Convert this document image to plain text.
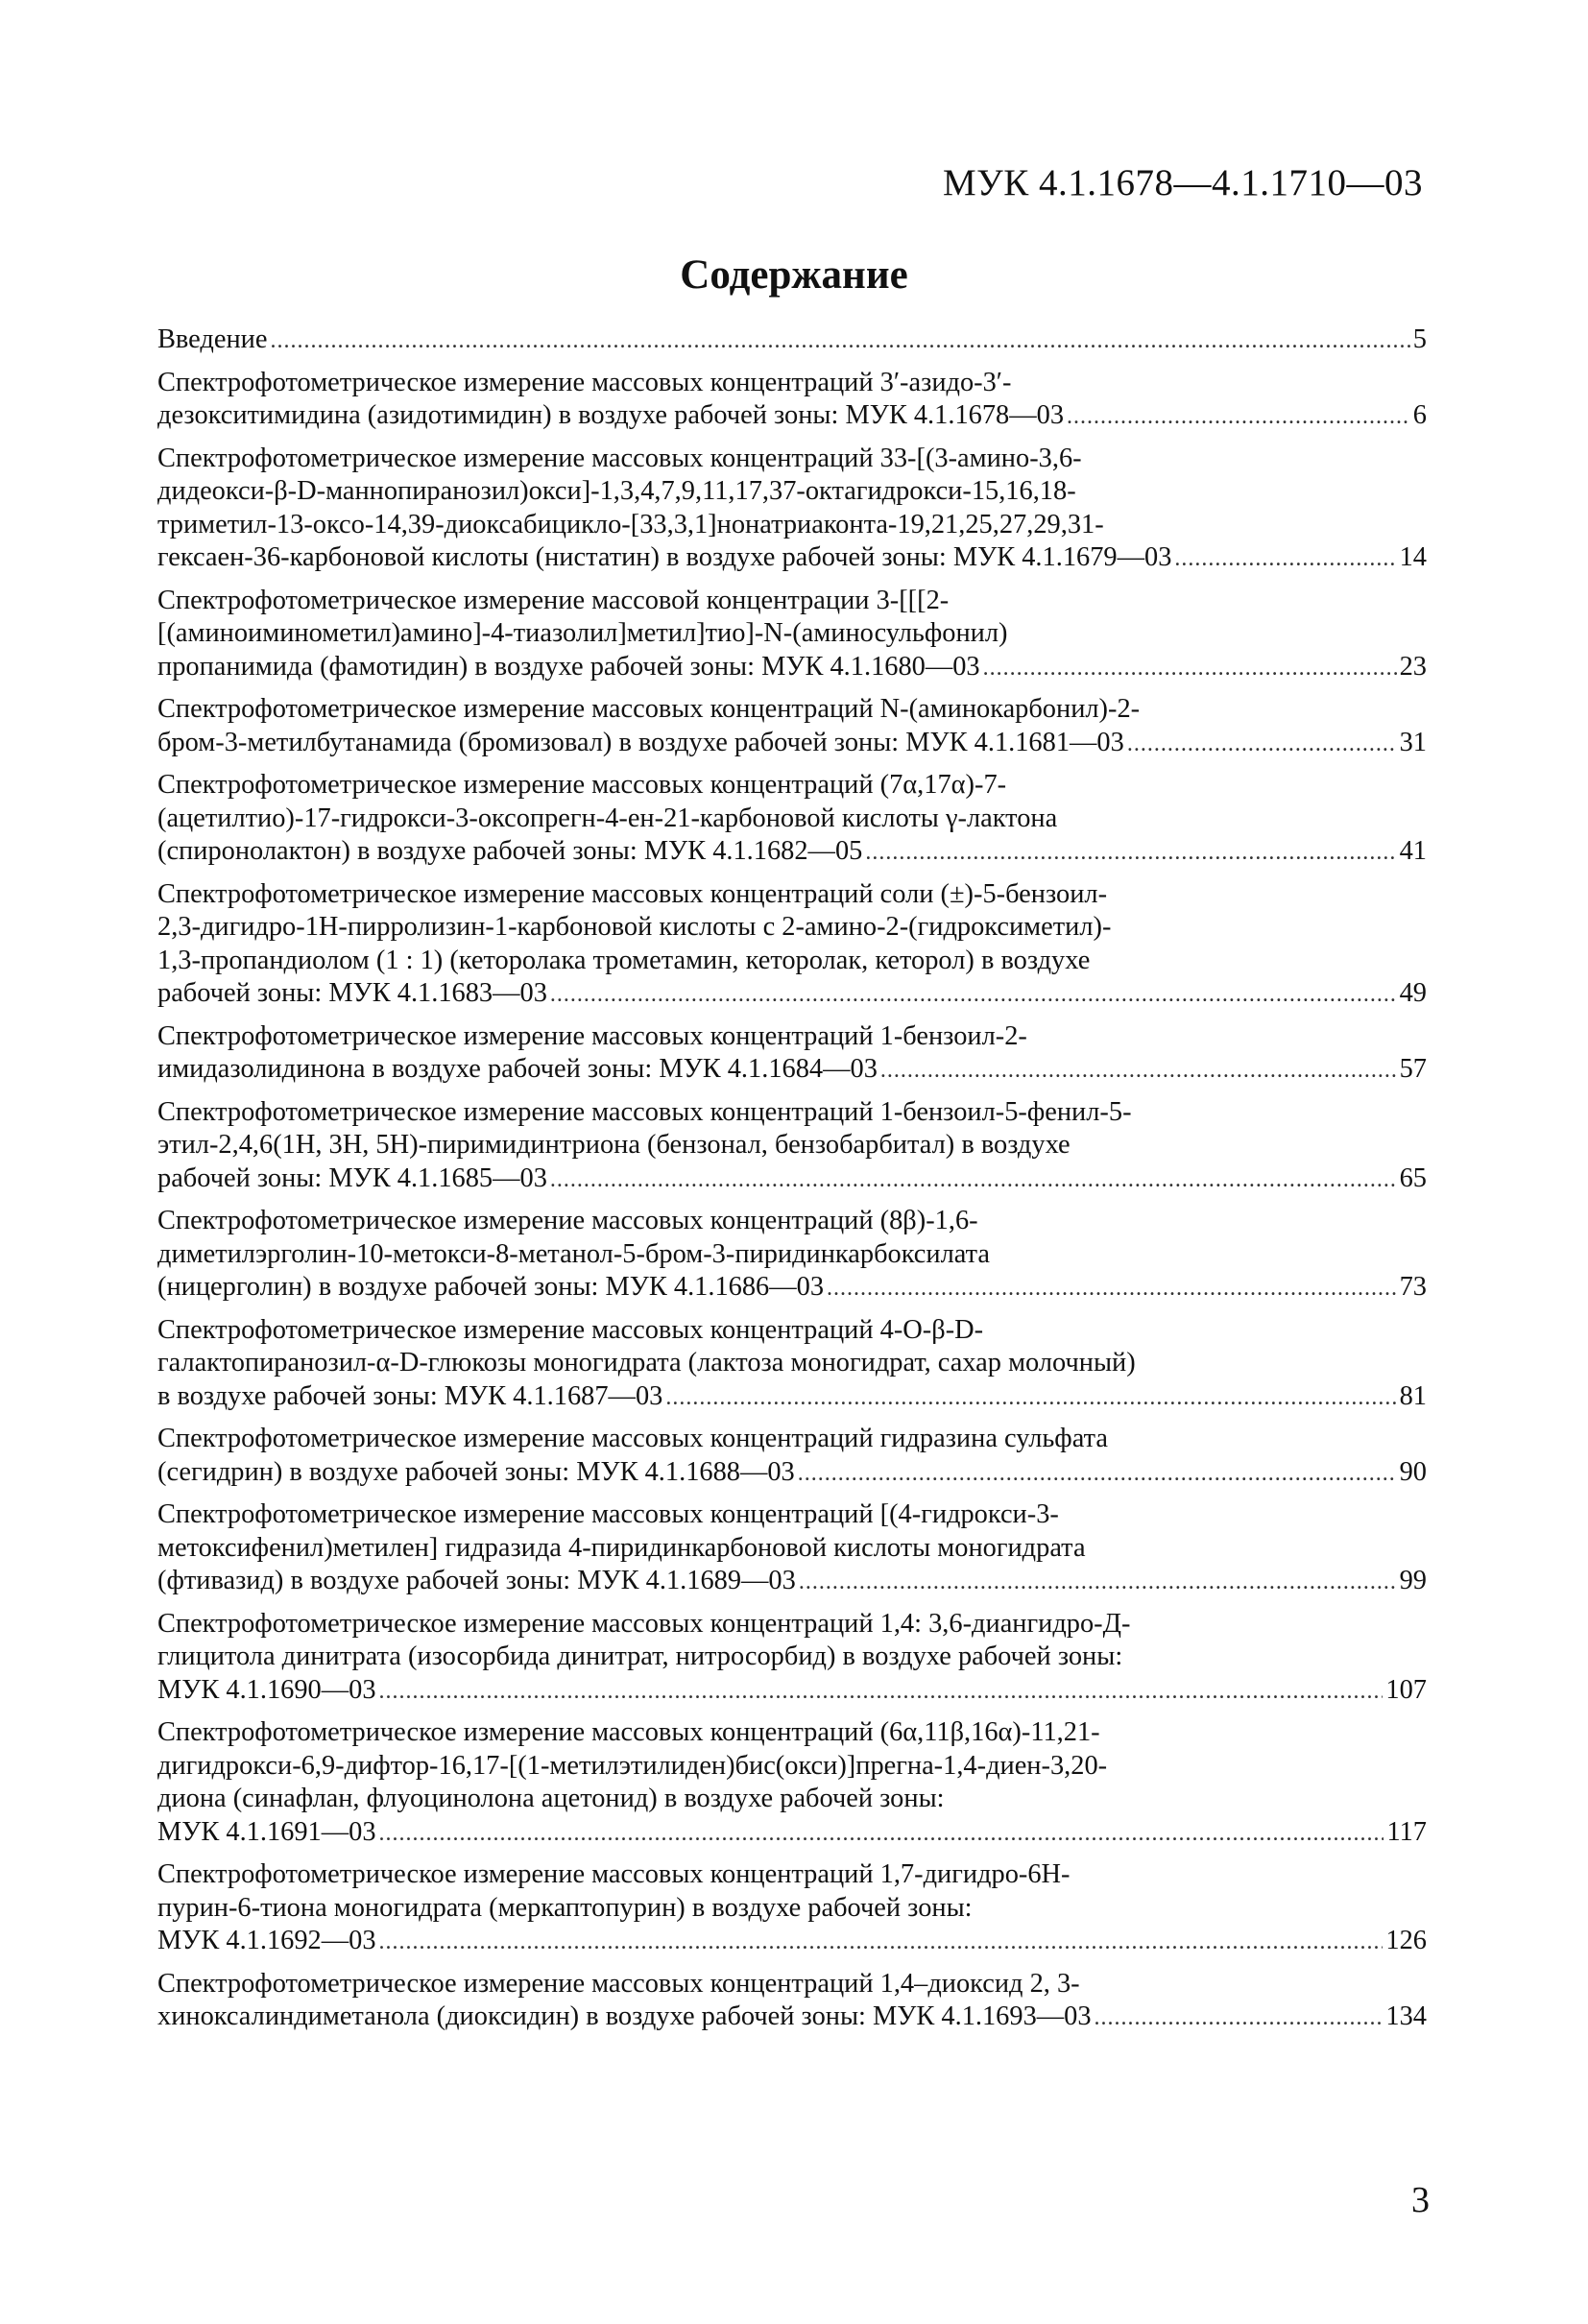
МУК 4.1.1678—4.1.1710—03
Содержание
Введение .....	5
Спектрофотометрическое измерение массовых концентраций 3′-азидо-3′-
дезокситимидина (азидотимидин) в воздухе рабочей зоны: МУК 4.1.1678—03 .....	6
Спектрофотометрическое измерение массовых концентраций 33-[(3-амино-3,6-
дидеокси-β-D-маннопиранозил)окси]-1,3,4,7,9,11,17,37-октагидрокси-15,16,18-
триметил-13-оксо-14,39-диоксабицикло-[33,3,1]нонатриаконта-19,21,25,27,29,31-
гексаен-36-карбоновой кислоты (нистатин) в воздухе рабочей зоны: МУК 4.1.1679—03 .....	14
Спектрофотометрическое измерение массовой концентрации 3-[[[2-
[(аминоиминометил)амино]-4-тиазолил]метил]тио]-N-(аминосульфонил)
пропанимида (фамотидин) в воздухе рабочей зоны: МУК 4.1.1680—03 .....	23
Спектрофотометрическое измерение массовых концентраций N-(аминокарбонил)-2-
бром-3-метилбутанамида (бромизовал) в воздухе рабочей зоны: МУК 4.1.1681—03 .....	31
Спектрофотометрическое измерение массовых концентраций (7α,17α)-7-
(ацетилтио)-17-гидрокси-3-оксопрегн-4-ен-21-карбоновой кислоты γ-лактона
(спиронолактон) в воздухе рабочей зоны: МУК 4.1.1682—05 .....	41
Спектрофотометрическое измерение массовых концентраций соли (±)-5-бензоил-
2,3-дигидро-1Н-пирролизин-1-карбоновой кислоты с 2-амино-2-(гидроксиметил)-
1,3-пропандиолом (1 : 1) (кеторолака трометамин, кеторолак, кеторол) в воздухе
рабочей зоны: МУК 4.1.1683—03 .....	49
Спектрофотометрическое измерение массовых концентраций 1-бензоил-2-
имидазолидинона в воздухе рабочей зоны: МУК 4.1.1684—03 .....	57
Спектрофотометрическое измерение массовых концентраций 1-бензоил-5-фенил-5-
этил-2,4,6(1Н, 3Н, 5Н)-пиримидинтриона (бензонал, бензобарбитал) в воздухе
рабочей зоны: МУК 4.1.1685—03 .....	65
Спектрофотометрическое измерение массовых концентраций (8β)-1,6-
диметилэрголин-10-метокси-8-метанол-5-бром-3-пиридинкарбоксилата
(ницерголин) в воздухе рабочей зоны: МУК 4.1.1686—03 .....	73
Спектрофотометрическое измерение массовых концентраций 4-О-β-D-
галактопиранозил-α-D-глюкозы моногидрата (лактоза моногидрат, сахар молочный)
в воздухе рабочей зоны: МУК 4.1.1687—03 .....	81
Спектрофотометрическое измерение массовых концентраций гидразина сульфата
(сегидрин) в воздухе рабочей зоны: МУК 4.1.1688—03 .....	90
Спектрофотометрическое измерение массовых концентраций [(4-гидрокси-3-
метоксифенил)метилен] гидразида 4-пиридинкарбоновой кислоты моногидрата
(фтивазид) в воздухе рабочей зоны: МУК 4.1.1689—03 .....	99
Спектрофотометрическое измерение массовых концентраций 1,4: 3,6-диангидро-Д-
глицитола динитрата (изосорбида динитрат, нитросорбид) в воздухе рабочей зоны:
МУК 4.1.1690—03 .....	107
Спектрофотометрическое измерение массовых концентраций (6α,11β,16α)-11,21-
дигидрокси-6,9-дифтор-16,17-[(1-метилэтилиден)бис(окси)]прегна-1,4-диен-3,20-
диона (синафлан, флуоцинолона ацетонид) в воздухе рабочей зоны:
МУК 4.1.1691—03 .....	117
Спектрофотометрическое измерение массовых концентраций 1,7-дигидро-6Н-
пурин-6-тиона моногидрата (меркаптопурин) в воздухе рабочей зоны:
МУК 4.1.1692—03 .....	126
Спектрофотометрическое измерение массовых концентраций 1,4–диоксид 2, 3-
хиноксалиндиметанола (диоксидин) в воздухе рабочей зоны: МУК 4.1.1693—03 .....	134
3
